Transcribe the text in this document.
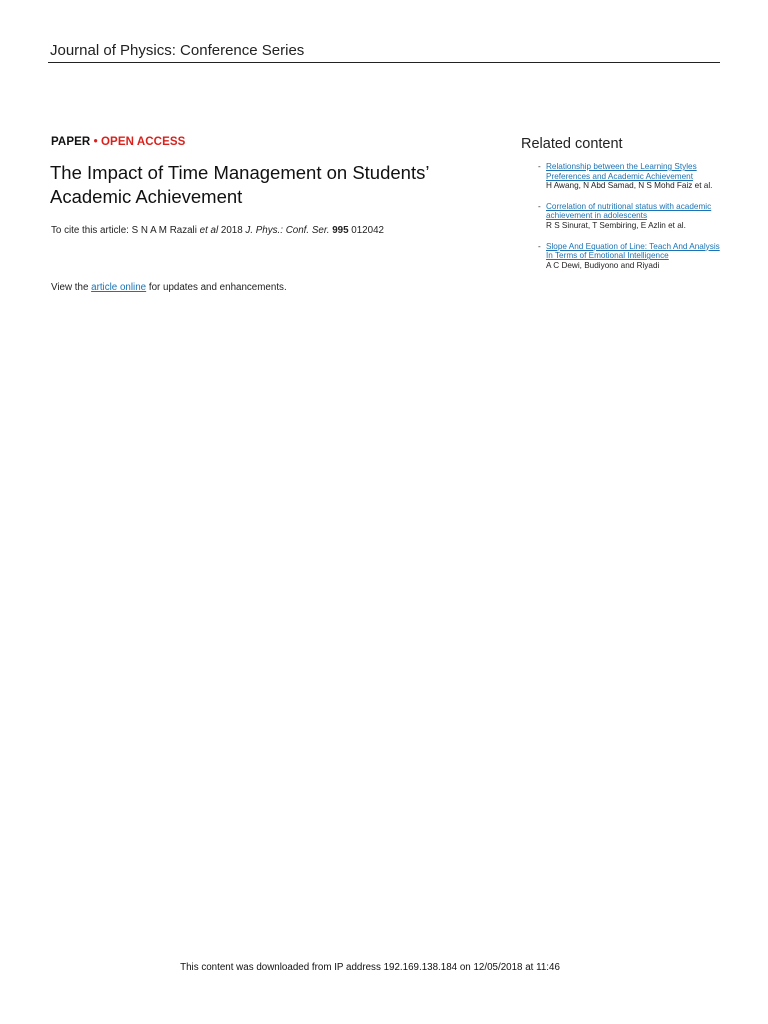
Journal of Physics: Conference Series
PAPER • OPEN ACCESS
The Impact of Time Management on Students’ Academic Achievement
To cite this article: S N A M Razali et al 2018 J. Phys.: Conf. Ser. 995 012042
View the article online for updates and enhancements.
Related content
- Relationship between the Learning Styles Preferences and Academic Achievement
H Awang, N Abd Samad, N S Mohd Faiz et al.
- Correlation of nutritional status with academic achievement in adolescents
R S Sinurat, T Sembiring, E Azlin et al.
- Slope And Equation of Line: Teach And Analysis In Terms of Emotional Intelligence
A C Dewi, Budiyono and Riyadi
This content was downloaded from IP address 192.169.138.184 on 12/05/2018 at 11:46
